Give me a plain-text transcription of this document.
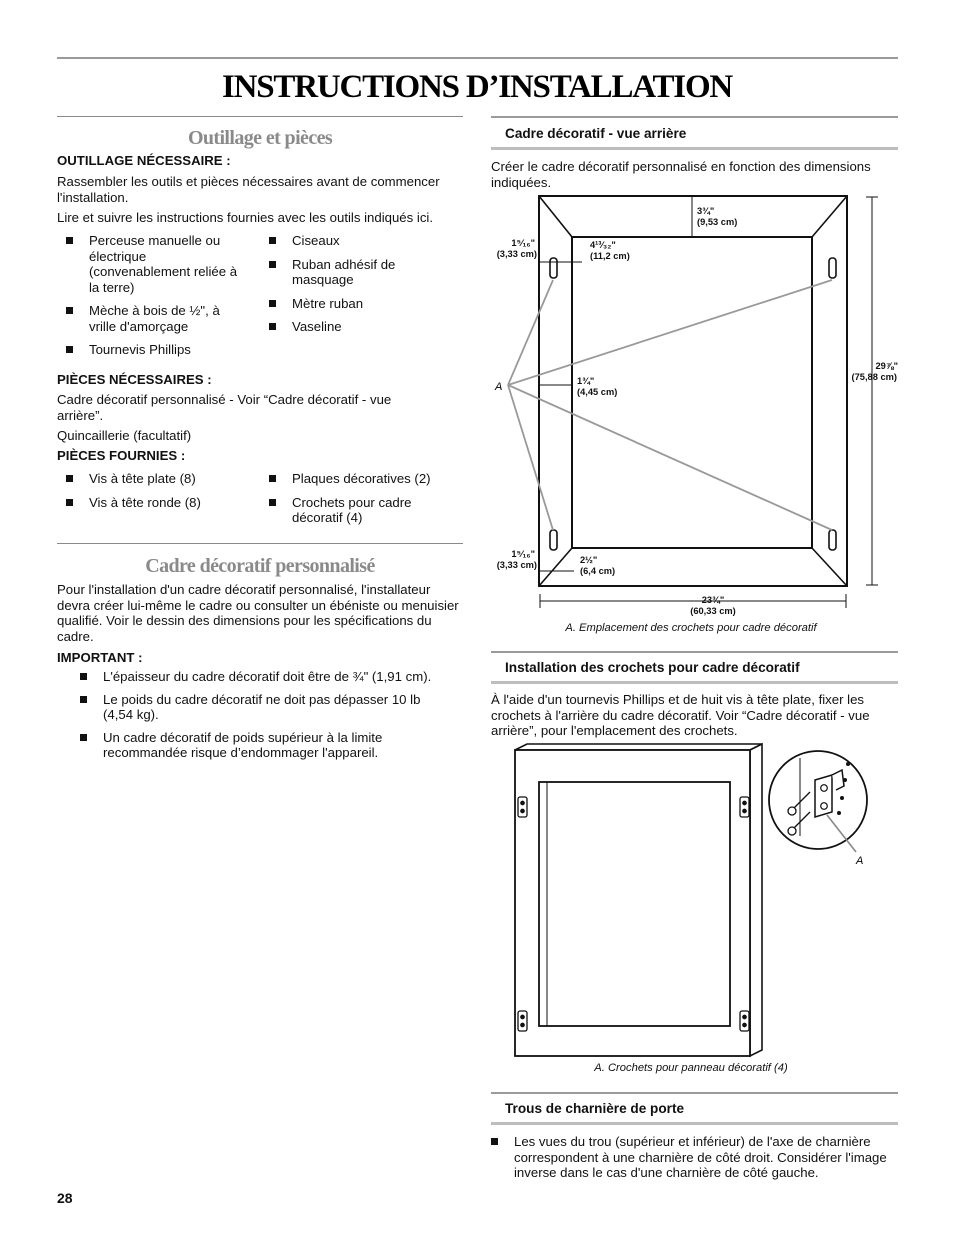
INSTRUCTIONS D’INSTALLATION
Outillage et pièces
OUTILLAGE NÉCESSAIRE :

Rassembler les outils et pièces nécessaires avant de commencer l'installation.

Lire et suivre les instructions fournies avec les outils indiqués ici.

Perceuse manuelle ou électrique (convenablement reliée à la terre)
Mèche à bois de ½", à vrille d'amorçage
Tournevis Phillips
Ciseaux
Ruban adhésif de masquage
Mètre ruban
Vaseline
PIÈCES NÉCESSAIRES :

Cadre décoratif personnalisé - Voir “Cadre décoratif - vue arrière”.

Quincaillerie (facultatif)

PIÈCES FOURNIES :
Vis à tête plate (8)
Vis à tête ronde (8)
Plaques décoratives (2)
Crochets pour cadre décoratif (4)
Cadre décoratif personnalisé

Pour l'installation d'un cadre décoratif personnalisé, l'installateur devra créer lui-même le cadre ou consulter un ébéniste ou menuisier qualifié. Voir le dessin des dimensions pour les spécifications du cadre.

IMPORTANT :
L'épaisseur du cadre décoratif doit être de ¾" (1,91 cm).
Le poids du cadre décoratif ne doit pas dépasser 10 lb (4,54 kg).
Un cadre décoratif de poids supérieur à la limite recommandée risque d’endommager l'appareil.
28
Cadre décoratif - vue arrière

Créer le cadre décoratif personnalisé en fonction des dimensions indiquées.

A
3¾"
(9,53 cm)
1⁵⁄₁₆"
(3,33 cm)
4¹³⁄₃₂"
(11,2 cm)
1¾"
(4,45 cm)
29⅞"
(75,88 cm)
1⁵⁄₁₆"
(3,33 cm)	2½"
(6,4 cm)
23¾"
(60,33 cm)
A. Emplacement des crochets pour cadre décoratif
Installation des crochets pour cadre décoratif

À l'aide d'un tournevis Phillips et de huit vis à tête plate, fixer les crochets à l'arrière du cadre décoratif. Voir “Cadre décoratif - vue arrière”, pour l'emplacement des crochets.

A
A. Crochets pour panneau décoratif (4)
Trous de charnière de porte
Les vues du trou (supérieur et inférieur) de l'axe de charnière correspondent à une charnière de côté droit. Considérer l'image inverse dans le cas d'une charnière de côté gauche.
